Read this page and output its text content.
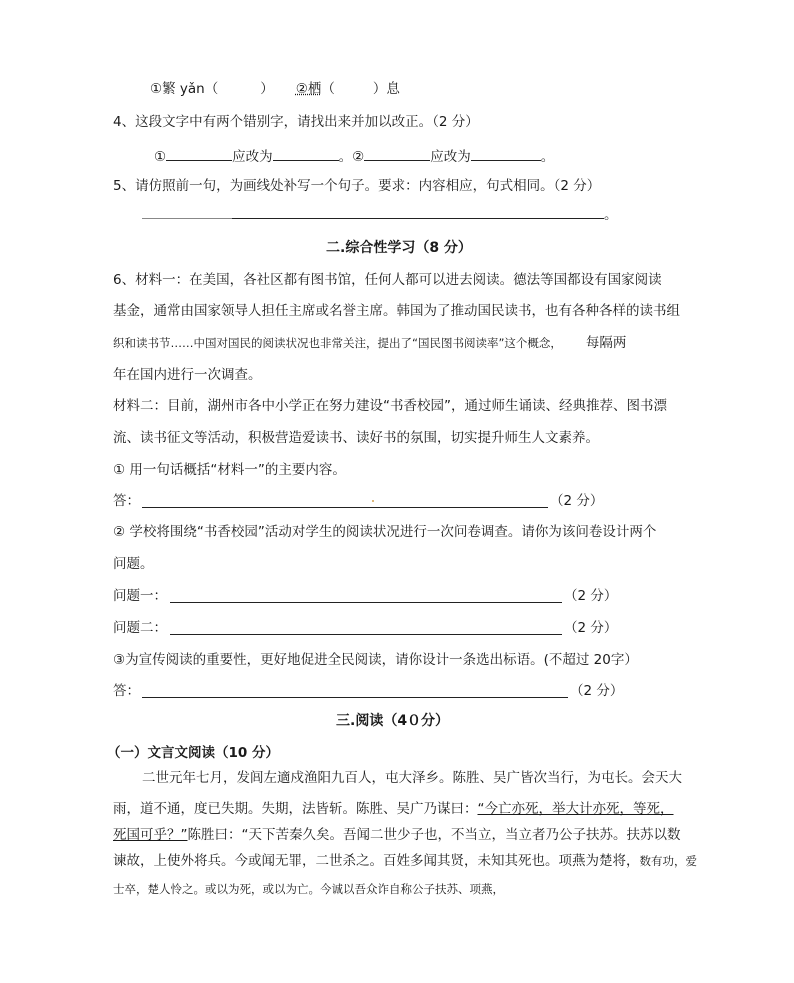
①繁 yǎn（	） ②栖（	）息
4、这段文字中有两个错别字，请找出来并加以改正。（2 分）
①	应改为	。②	应改为	。
5、请仿照前一句，为画线处补写一个句子。要求：内容相应，句式相同。（2 分）
。
二.综合性学习（8 分）
6、材料一：在美国，各社区都有图书馆，任何人都可以进去阅读。德法等国都设有国家阅读
基金，通常由国家领导人担任主席或名誉主席。韩国为了推动国民读书，也有各种各样的读书组
织和读书节……中国对国民的阅读状况也非常关注，提出了“国民图书阅读率”这个概念， 每隔两
年在国内进行一次调查。
材料二：目前，湖州市各中小学正在努力建设“书香校园”，通过师生诵读、经典推荐、图书漂
流、读书征文等活动，积极营造爱读书、读好书的氛围，切实提升师生人文素养。
① 用一句话概括“材料一”的主要内容。
答：	（2 分）
② 学校将围绕“书香校园”活动对学生的阅读状况进行一次问卷调查。请你为该问卷设计两个
问题。
问题一：	（2 分）
问题二：	（2 分）
③为宣传阅读的重要性，更好地促进全民阅读，请你设计一条选出标语。(不超过 20字）
答：	（2 分）
三.阅读（4０分）
（一）文言文阅读（10 分）
二世元年七月，发闾左適戍渔阳九百人，屯大泽乡。陈胜、吴广皆次当行，为屯长。会天大
雨，道不通，度已失期。失期，法皆斩。陈胜、吴广乃谋曰：“今亡亦死，举大计亦死，等死，
死国可乎？”陈胜曰：“天下苦秦久矣。吾闻二世少子也，不当立，当立者乃公子扶苏。扶苏以数
谏故，上使外将兵。今或闻无罪，二世杀之。百姓多闻其贤，未知其死也。项燕为楚将，数有功，爱
士卒，楚人怜之。或以为死，或以为亡。今诚以吾众诈自称公子扶苏、项燕，
